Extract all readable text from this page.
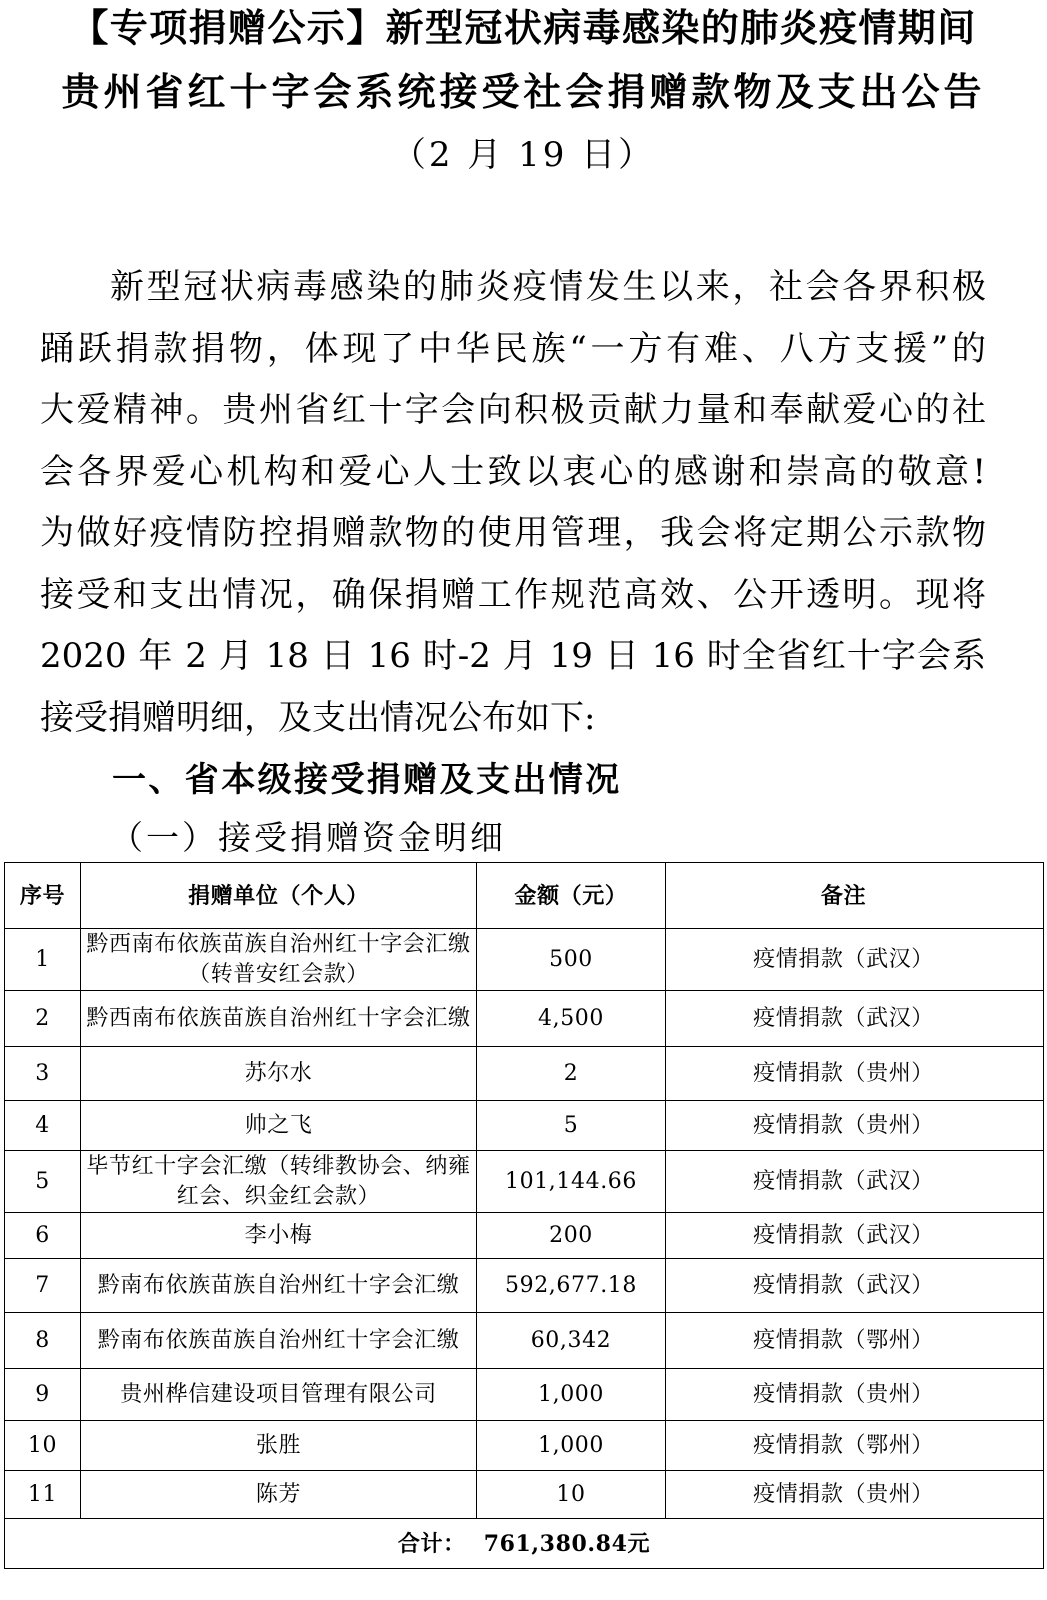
【专项捐赠公示】新型冠状病毒感染的肺炎疫情期间
贵州省红十字会系统接受社会捐赠款物及支出公告
（2 月 19 日）
新型冠状病毒感染的肺炎疫情发生以来，社会各界积极
踊跃捐款捐物，体现了中华民族“一方有难、八方支援”的
大爱精神。贵州省红十字会向积极贡献力量和奉献爱心的社
会各界爱心机构和爱心人士致以衷心的感谢和崇高的敬意!
为做好疫情防控捐赠款物的使用管理，我会将定期公示款物
接受和支出情况，确保捐赠工作规范高效、公开透明。现将
2020 年 2 月 18 日 16 时-2 月 19 日 16 时全省红十字会系
接受捐赠明细，及支出情况公布如下:
一、省本级接受捐赠及支出情况
（一）接受捐赠资金明细
序号	捐赠单位（个人）	金额（元）	备注
1	黔西南布依族苗族自治州红十字会汇缴（转普安红会款）	500	疫情捐款（武汉）
2	黔西南布依族苗族自治州红十字会汇缴	4,500	疫情捐款（武汉）
3	苏尔水	2	疫情捐款（贵州）
4	帅之飞	5	疫情捐款（贵州）
5	毕节红十字会汇缴（转绯教协会、纳雍红会、织金红会款）	101,144.66	疫情捐款（武汉）
6	李小梅	200	疫情捐款（武汉）
7	黔南布依族苗族自治州红十字会汇缴	592,677.18	疫情捐款（武汉）
8	黔南布依族苗族自治州红十字会汇缴	60,342	疫情捐款（鄂州）
9	贵州桦信建设项目管理有限公司	1,000	疫情捐款（贵州）
10	张胜	1,000	疫情捐款（鄂州）
11	陈芳	10	疫情捐款（贵州）
合计： 761,380.84元			
